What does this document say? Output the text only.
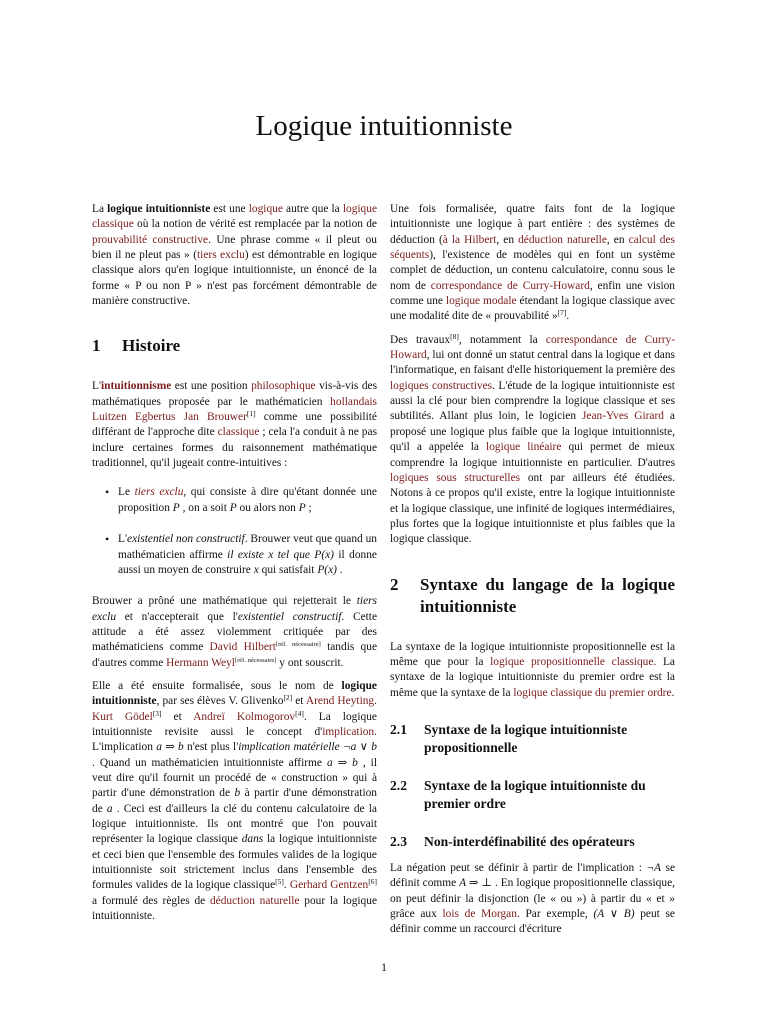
Logique intuitionniste

La logique intuitionniste est une logique autre que la logique classique où la notion de vérité est remplacée par la notion de prouvabilité constructive. Une phrase comme « il pleut ou bien il ne pleut pas » (tiers exclu) est démontrable en logique classique alors qu'en logique intuitionniste, un énoncé de la forme « P ou non P » n'est pas forcément démontrable de manière constructive.

1	Histoire

L'intuitionnisme est une position philosophique vis-à-vis des mathématiques proposée par le mathématicien hollandais Luitzen Egbertus Jan Brouwer[1] comme une possibilité différant de l'approche dite classique ; cela l'a conduit à ne pas inclure certaines formes du raisonnement mathématique traditionnel, qu'il jugeait contre-intuitives :

• Le tiers exclu, qui consiste à dire qu'étant donnée une proposition P , on a soit P ou alors non P ;
• L'existentiel non constructif. Brouwer veut que quand un mathématicien affirme il existe x tel que P(x) il donne aussi un moyen de construire x qui satisfait P(x) .

Brouwer a prôné une mathématique qui rejetterait le tiers exclu et n'accepterait que l'existentiel constructif. Cette attitude a été assez violemment critiquée par des mathématiciens comme David Hilbert[réf. nécessaire] tandis que d'autres comme Hermann Weyl[réf. nécessaire] y ont souscrit.

Elle a été ensuite formalisée, sous le nom de logique intuitionniste, par ses élèves V. Glivenko[2] et Arend Heyting. Kurt Gödel[3] et Andreï Kolmogorov[4]. La logique intuitionniste revisite aussi le concept d'implication. L'implication a ⇒ b n'est plus l'implication matérielle ¬a ∨ b . Quand un mathématicien intuitionniste affirme a ⇒ b , il veut dire qu'il fournit un procédé de « construction » qui à partir d'une démonstration de b à partir d'une démonstration de a . Ceci est d'ailleurs la clé du contenu calculatoire de la logique intuitionniste. Ils ont montré que l'on pouvait représenter la logique classique dans la logique intuitionniste et ceci bien que l'ensemble des formules valides de la logique intuitionniste soit strictement inclus dans l'ensemble des formules valides de la logique classique[5]. Gerhard Gentzen[6] a formulé des règles de déduction naturelle pour la logique intuitionniste.

Une fois formalisée, quatre faits font de la logique intuitionniste une logique à part entière : des systèmes de déduction (à la Hilbert, en déduction naturelle, en calcul des séquents), l'existence de modèles qui en font un système complet de déduction, un contenu calculatoire, connu sous le nom de correspondance de Curry-Howard, enfin une vision comme une logique modale étendant la logique classique avec une modalité dite de « prouvabilité »[7].

Des travaux[8], notamment la correspondance de Curry-Howard, lui ont donné un statut central dans la logique et dans l'informatique, en faisant d'elle historiquement la première des logiques constructives. L'étude de la logique intuitionniste est aussi la clé pour bien comprendre la logique classique et ses subtilités. Allant plus loin, le logicien Jean-Yves Girard a proposé une logique plus faible que la logique intuitionniste, qu'il a appelée la logique linéaire qui permet de mieux comprendre la logique intuitionniste en particulier. D'autres logiques sous structurelles ont par ailleurs été étudiées. Notons à ce propos qu'il existe, entre la logique intuitionniste et la logique classique, une infinité de logiques intermédiaires, plus fortes que la logique intuitionniste et plus faibles que la logique classique.

2	Syntaxe du langage de la logique intuitionniste

La syntaxe de la logique intuitionniste propositionnelle est la même que pour la logique propositionnelle classique. La syntaxe de la logique intuitionniste du premier ordre est la même que la syntaxe de la logique classique du premier ordre.

2.1	Syntaxe de la logique intuitionniste propositionnelle
2.2	Syntaxe de la logique intuitionniste du premier ordre
2.3	Non-interdéfinabilité des opérateurs

La négation peut se définir à partir de l'implication : ¬A se définit comme A ⇒ ⊥ . En logique propositionnelle classique, on peut définir la disjonction (le « ou ») à partir du « et » grâce aux lois de Morgan. Par exemple, (A ∨ B) peut se définir comme un raccourci d'écriture

1
